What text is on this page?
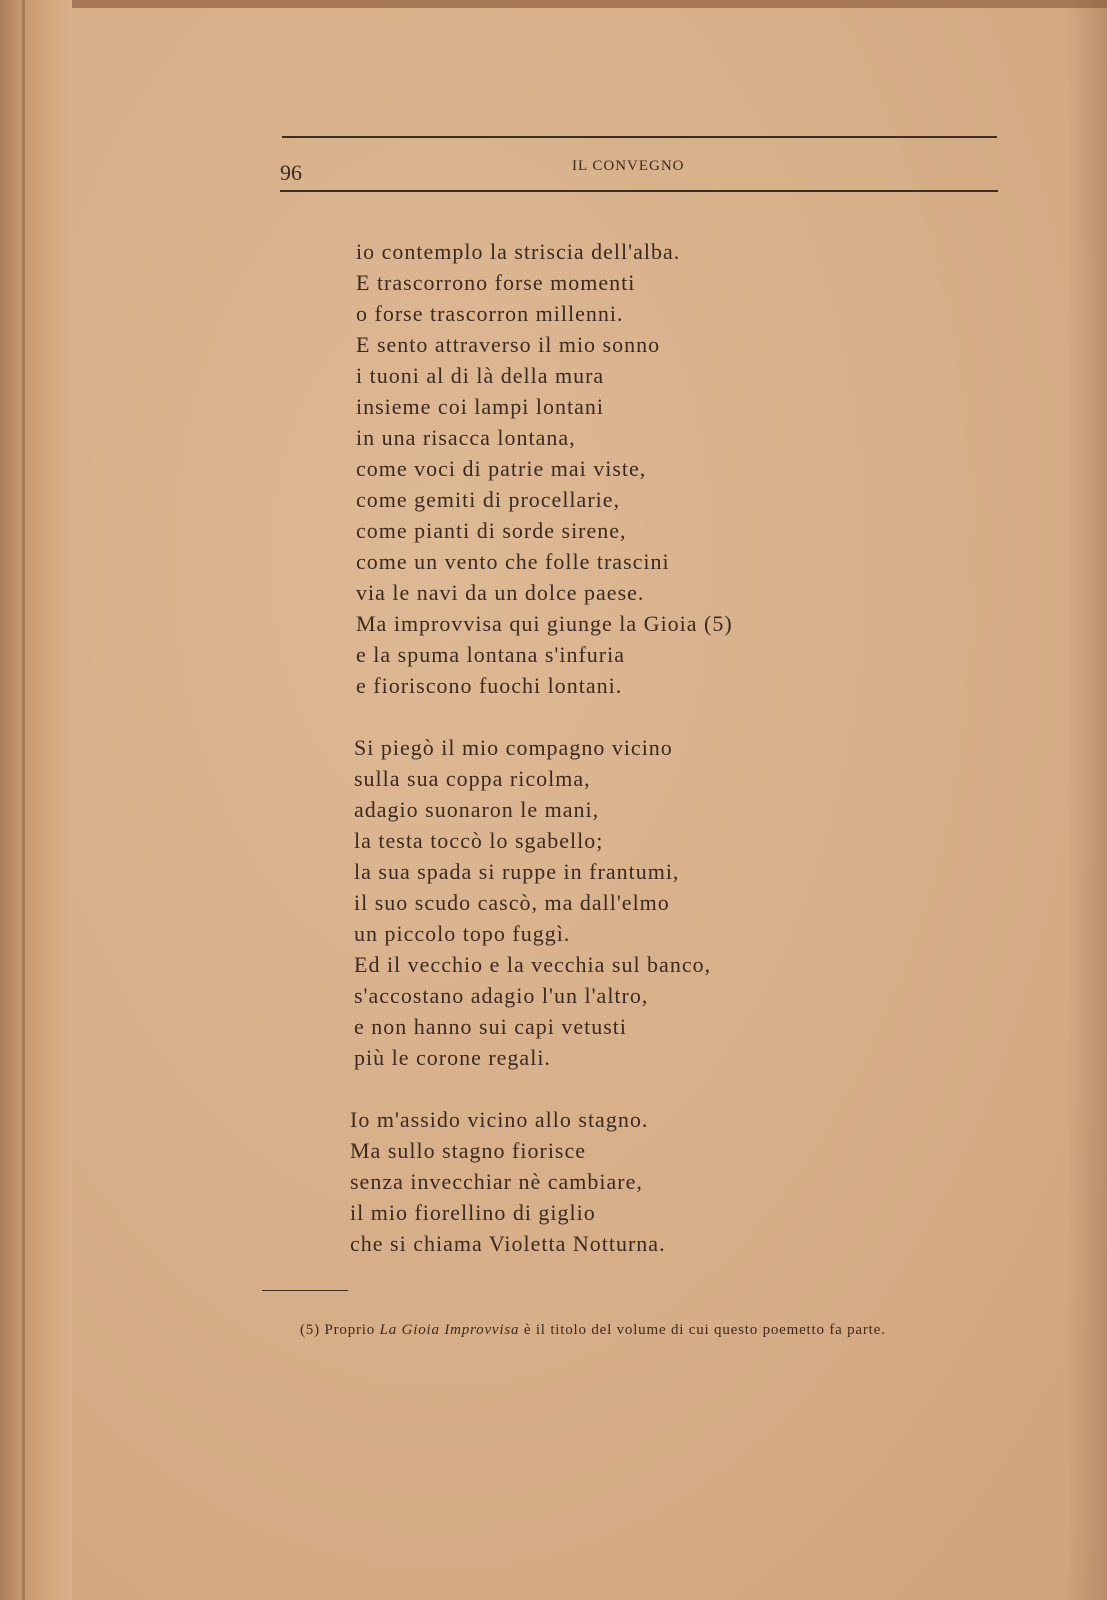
96	IL CONVEGNO
io contemplo la striscia dell'alba.
E trascorrono forse momenti
o forse trascorron millenni.
E sento attraverso il mio sonno
i tuoni al di là della mura
insieme coi lampi lontani
in una risacca lontana,
come voci di patrie mai viste,
come gemiti di procellarie,
come pianti di sorde sirene,
come un vento che folle trascini
via le navi da un dolce paese.
Ma improvvisa qui giunge la Gioia (5)
e la spuma lontana s'infuria
e fioriscono fuochi lontani.
Si piegò il mio compagno vicino
sulla sua coppa ricolma,
adagio suonaron le mani,
la testa toccò lo sgabello;
la sua spada si ruppe in frantumi,
il suo scudo cascò, ma dall'elmo
un piccolo topo fuggì.
Ed il vecchio e la vecchia sul banco,
s'accostano adagio l'un l'altro,
e non hanno sui capi vetusti
più le corone regali.
Io m'assido vicino allo stagno.
Ma sullo stagno fiorisce
senza invecchiar nè cambiare,
il mio fiorellino di giglio
che si chiama Violetta Notturna.
(5) Proprio La Gioia Improvvisa è il titolo del volume di cui questo poemetto fa parte.
